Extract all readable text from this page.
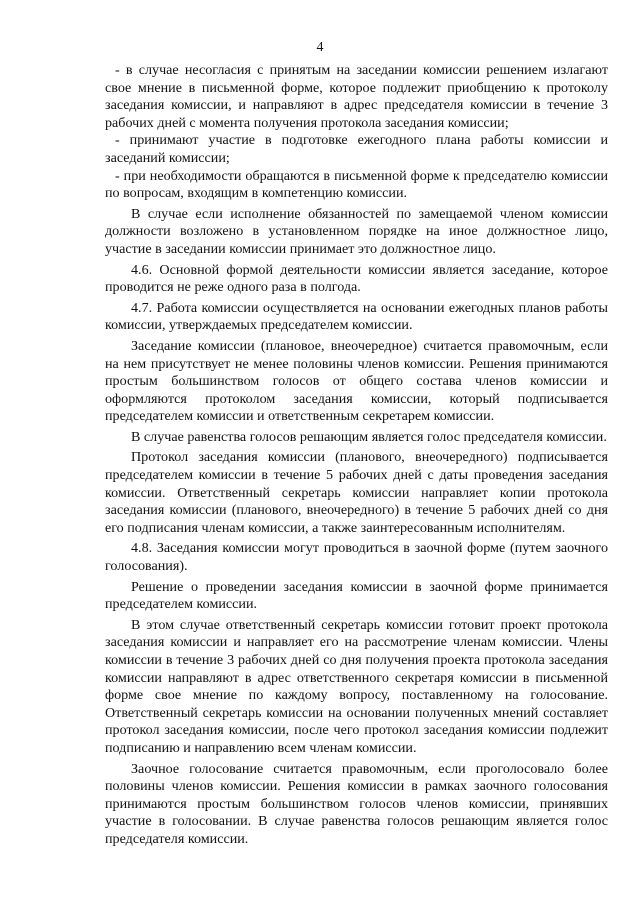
4

- в случае несогласия с принятым на заседании комиссии решением излагают свое мнение в письменной форме, которое подлежит приобщению к протоколу заседания комиссии, и направляют в адрес председателя комиссии в течение 3 рабочих дней с момента получения протокола заседания комиссии;

- принимают участие в подготовке ежегодного плана работы комиссии и заседаний комиссии;

- при необходимости обращаются в письменной форме к председателю комиссии по вопросам, входящим в компетенцию комиссии.

В случае если исполнение обязанностей по замещаемой членом комиссии должности возложено в установленном порядке на иное должностное лицо, участие в заседании комиссии принимает это должностное лицо.

4.6. Основной формой деятельности комиссии является заседание, которое проводится не реже одного раза в полгода.

4.7. Работа комиссии осуществляется на основании ежегодных планов работы комиссии, утверждаемых председателем комиссии.

Заседание комиссии (плановое, внеочередное) считается правомочным, если на нем присутствует не менее половины членов комиссии. Решения принимаются простым большинством голосов от общего состава членов комиссии и оформляются протоколом заседания комиссии, который подписывается председателем комиссии и ответственным секретарем комиссии.

В случае равенства голосов решающим является голос председателя комиссии.

Протокол заседания комиссии (планового, внеочередного) подписывается председателем комиссии в течение 5 рабочих дней с даты проведения заседания комиссии. Ответственный секретарь комиссии направляет копии протокола заседания комиссии (планового, внеочередного) в течение 5 рабочих дней со дня его подписания членам комиссии, а также заинтересованным исполнителям.

4.8. Заседания комиссии могут проводиться в заочной форме (путем заочного голосования).

Решение о проведении заседания комиссии в заочной форме принимается председателем комиссии.

В этом случае ответственный секретарь комиссии готовит проект протокола заседания комиссии и направляет его на рассмотрение членам комиссии. Члены комиссии в течение 3 рабочих дней со дня получения проекта протокола заседания комиссии направляют в адрес ответственного секретаря комиссии в письменной форме свое мнение по каждому вопросу, поставленному на голосование. Ответственный секретарь комиссии на основании полученных мнений составляет протокол заседания комиссии, после чего протокол заседания комиссии подлежит подписанию и направлению всем членам комиссии.

Заочное голосование считается правомочным, если проголосовало более половины членов комиссии. Решения комиссии в рамках заочного голосования принимаются простым большинством голосов членов комиссии, принявших участие в голосовании. В случае равенства голосов решающим является голос председателя комиссии.
